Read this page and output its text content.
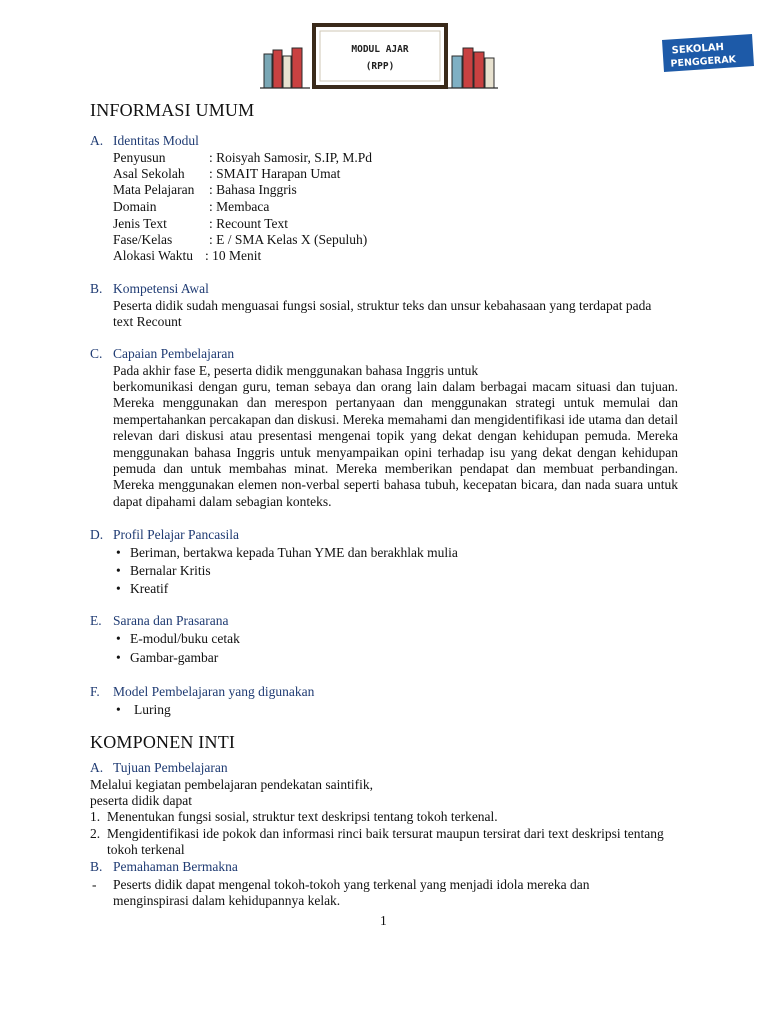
MODUL AJAR
(RPP)
SEKOLAH
PENGGERAK
INFORMASI UMUM
A. Identitas Modul
Penyusun	: Roisyah Samosir, S.IP, M.Pd
Asal Sekolah : SMAIT Harapan Umat
Mata Pelajaran : Bahasa Inggris
Domain	: Membaca
Jenis Text	: Recount Text
Fase/Kelas	: E / SMA Kelas X (Sepuluh)
Alokasi Waktu : 10 Menit
B. Kompetensi Awal
Peserta didik sudah menguasai fungsi sosial, struktur teks dan unsur kebahasaan yang terdapat pada
text Recount
C. Capaian Pembelajaran
Pada akhir fase E, peserta didik menggunakan bahasa Inggris untuk
berkomunikasi dengan guru, teman sebaya dan orang lain dalam berbagai macam situasi dan tujuan. Mereka menggunakan dan merespon pertanyaan dan menggunakan strategi untuk memulai dan mempertahankan percakapan dan diskusi. Mereka memahami dan mengidentifikasi ide utama dan detail relevan dari diskusi atau presentasi mengenai topik yang dekat dengan kehidupan pemuda. Mereka menggunakan bahasa Inggris untuk menyampaikan opini terhadap isu yang dekat dengan kehidupan pemuda dan untuk membahas minat. Mereka memberikan pendapat dan membuat perbandingan. Mereka menggunakan elemen non-verbal seperti bahasa tubuh, kecepatan bicara, dan nada suara untuk dapat dipahami dalam sebagian konteks.
D. Profil Pelajar Pancasila
• Beriman, bertakwa kepada Tuhan YME dan berakhlak mulia
• Bernalar Kritis
• Kreatif
E. Sarana dan Prasarana
• E-modul/buku cetak
• Gambar-gambar
F. Model Pembelajaran yang digunakan
• Luring
KOMPONEN INTI
A. Tujuan Pembelajaran
Melalui kegiatan pembelajaran pendekatan saintifik,
peserta didik dapat
1. Menentukan fungsi sosial, struktur text deskripsi tentang tokoh terkenal.
2. Mengidentifikasi ide pokok dan informasi rinci baik tersurat maupun tersirat dari text deskripsi tentang
tokoh terkenal
B. Pemahaman Bermakna
- Peserts didik dapat mengenal tokoh-tokoh yang terkenal yang menjadi idola mereka dan
menginspirasi dalam kehidupannya kelak.
1
